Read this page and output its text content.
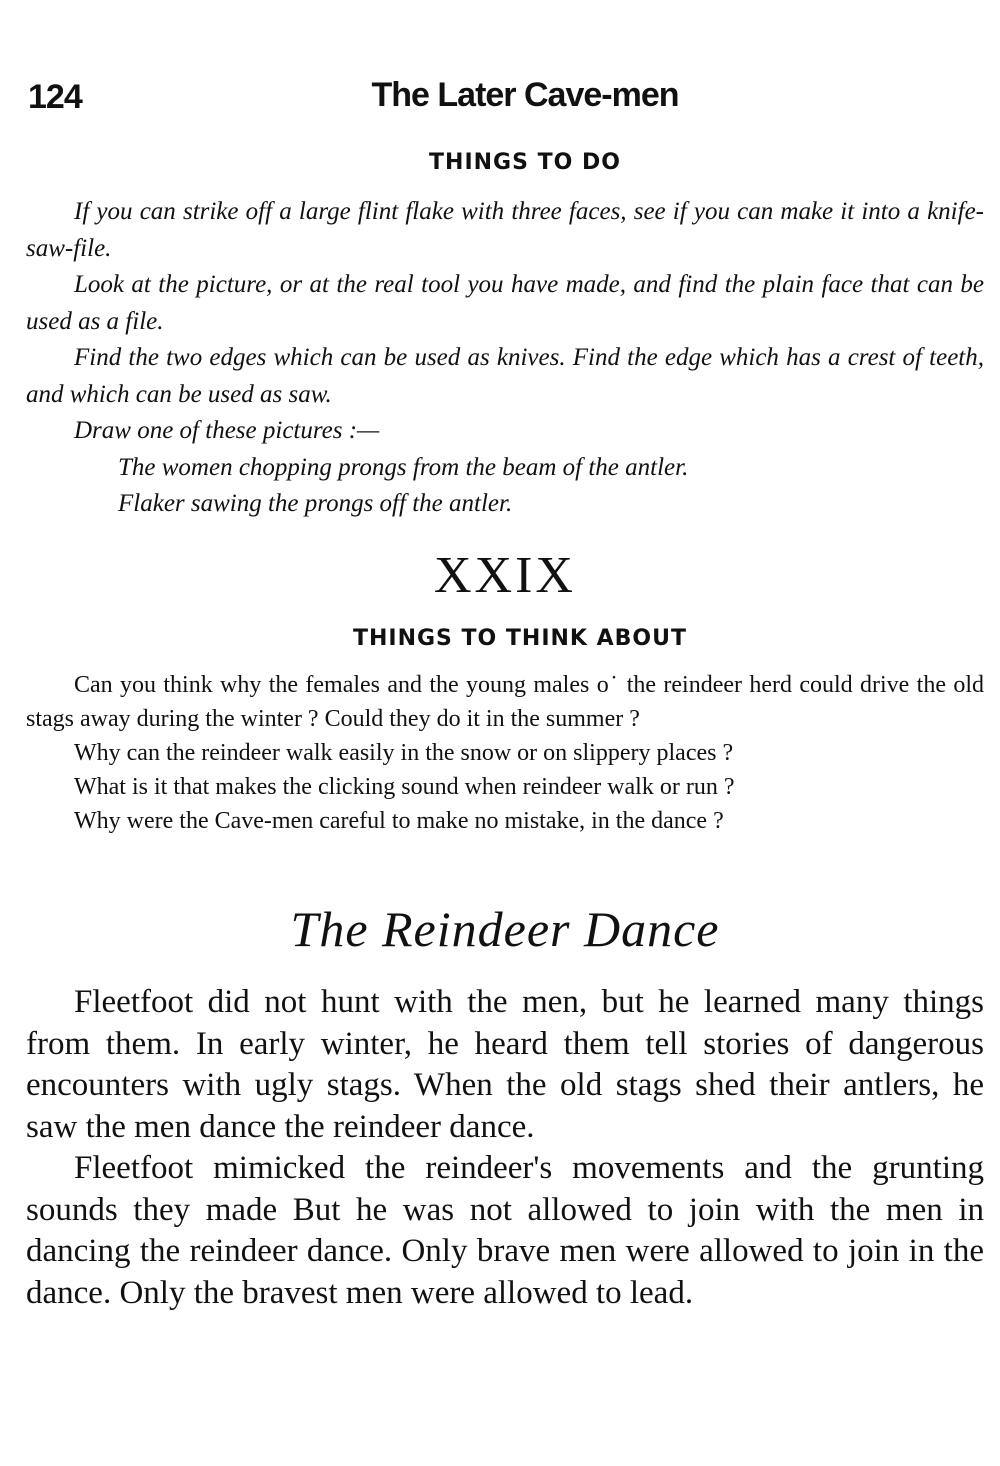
124	The Later Cave-men
THINGS TO DO

If you can strike off a large flint flake with three faces, see if you can make it into a knife-saw-file.

Look at the picture, or at the real tool you have made, and find the plain face that can be used as a file.

Find the two edges which can be used as knives. Find the edge which has a crest of teeth, and which can be used as saw.

Draw one of these pictures :—

The women chopping prongs from the beam of the antler.

Flaker sawing the prongs off the antler.

XXIX
THINGS TO THINK ABOUT

Can you think why the females and the young males o˙ the reindeer herd could drive the old stags away during the winter ? Could they do it in the summer ?

Why can the reindeer walk easily in the snow or on slippery places ?

What is it that makes the clicking sound when reindeer walk or run ?

Why were the Cave-men careful to make no mistake, in the dance ?

The Reindeer Dance

Fleetfoot did not hunt with the men, but he learned many things from them. In early winter, he heard them tell stories of dangerous encounters with ugly stags. When the old stags shed their antlers, he saw the men dance the reindeer dance.

Fleetfoot mimicked the reindeer's movements and the grunting sounds they made But he was not allowed to join with the men in dancing the reindeer dance. Only brave men were allowed to join in the dance. Only the bravest men were allowed to lead.
